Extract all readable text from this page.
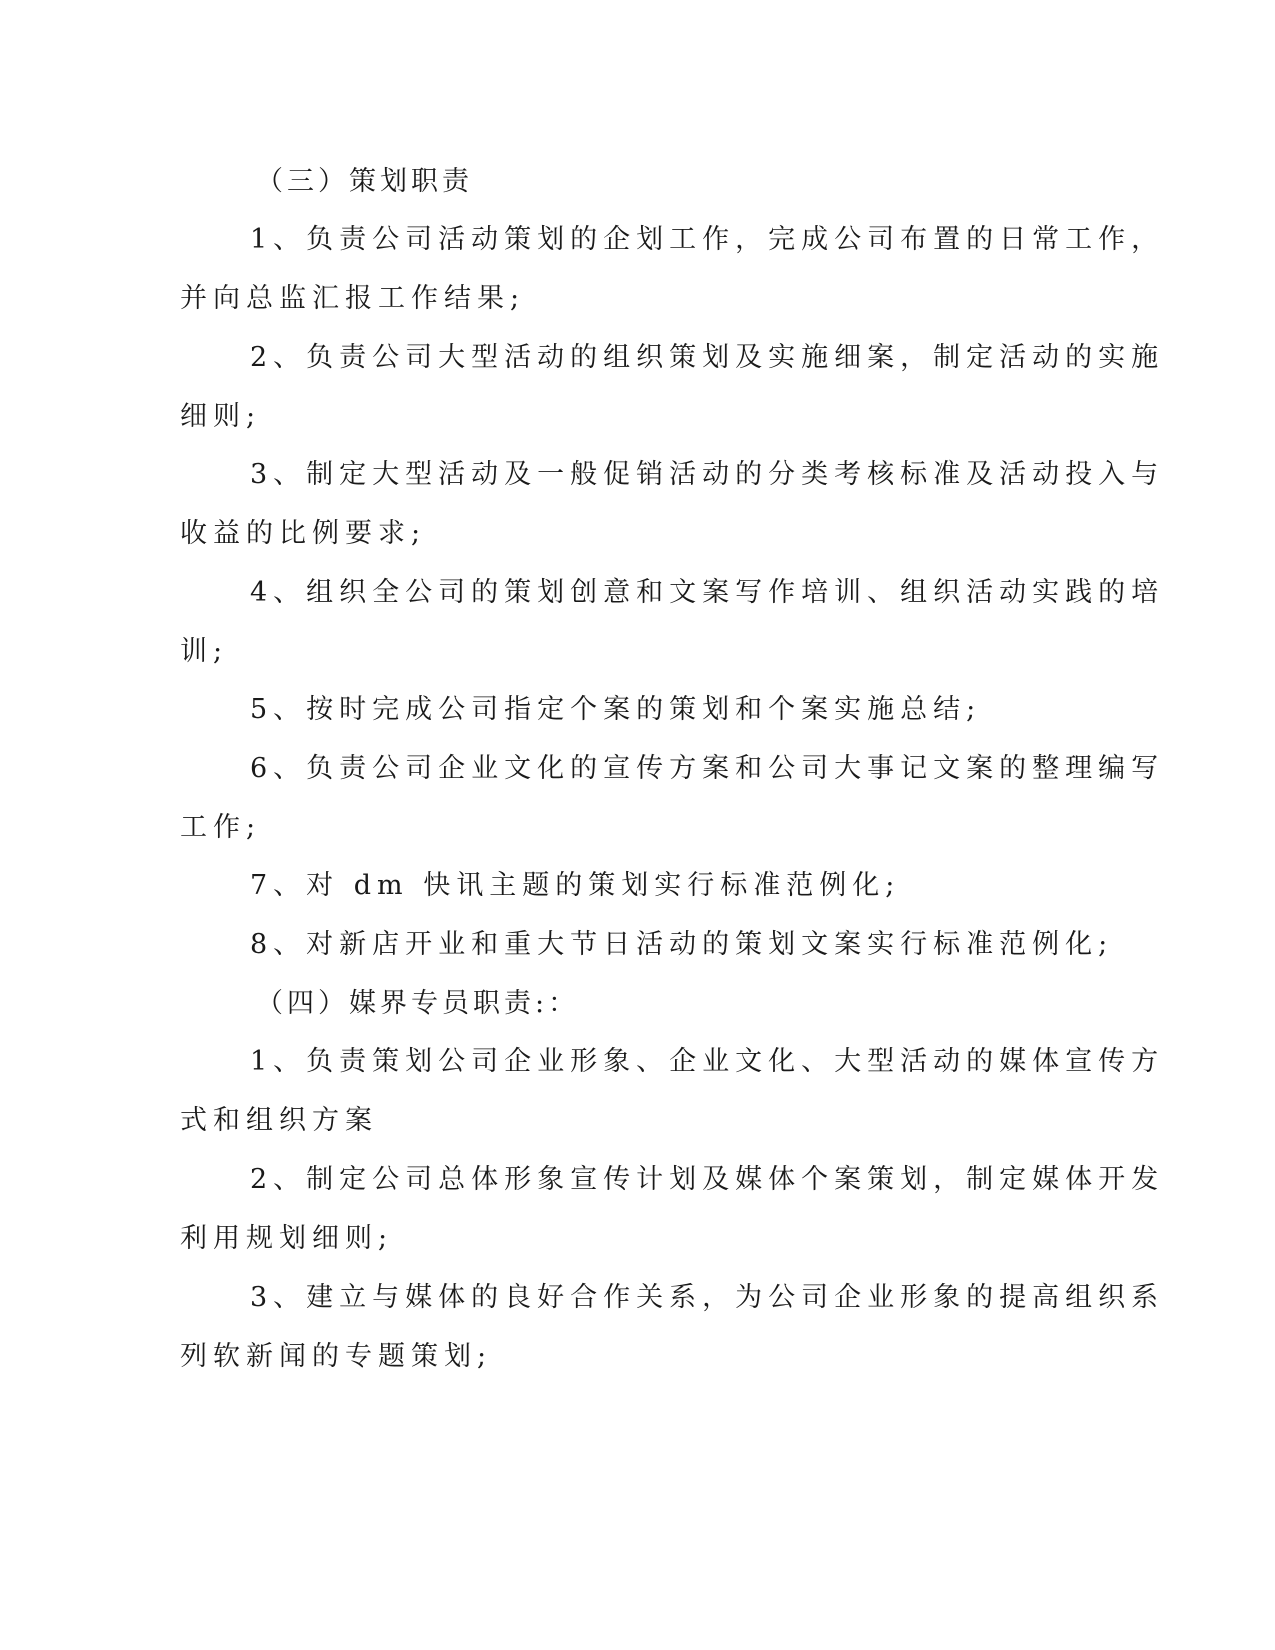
（三）策划职责
1、负责公司活动策划的企划工作，完成公司布置的日常工作，
并向总监汇报工作结果;
2、负责公司大型活动的组织策划及实施细案，制定活动的实施
细则;
3、制定大型活动及一般促销活动的分类考核标准及活动投入与
收益的比例要求;
4、组织全公司的策划创意和文案写作培训、组织活动实践的培
训;
5、按时完成公司指定个案的策划和个案实施总结;
6、负责公司企业文化的宣传方案和公司大事记文案的整理编写
工作;
7、对 dm 快讯主题的策划实行标准范例化;
8、对新店开业和重大节日活动的策划文案实行标准范例化;
（四）媒界专员职责:：
1、负责策划公司企业形象、企业文化、大型活动的媒体宣传方
式和组织方案
2、制定公司总体形象宣传计划及媒体个案策划，制定媒体开发
利用规划细则;
3、建立与媒体的良好合作关系，为公司企业形象的提高组织系
列软新闻的专题策划;
